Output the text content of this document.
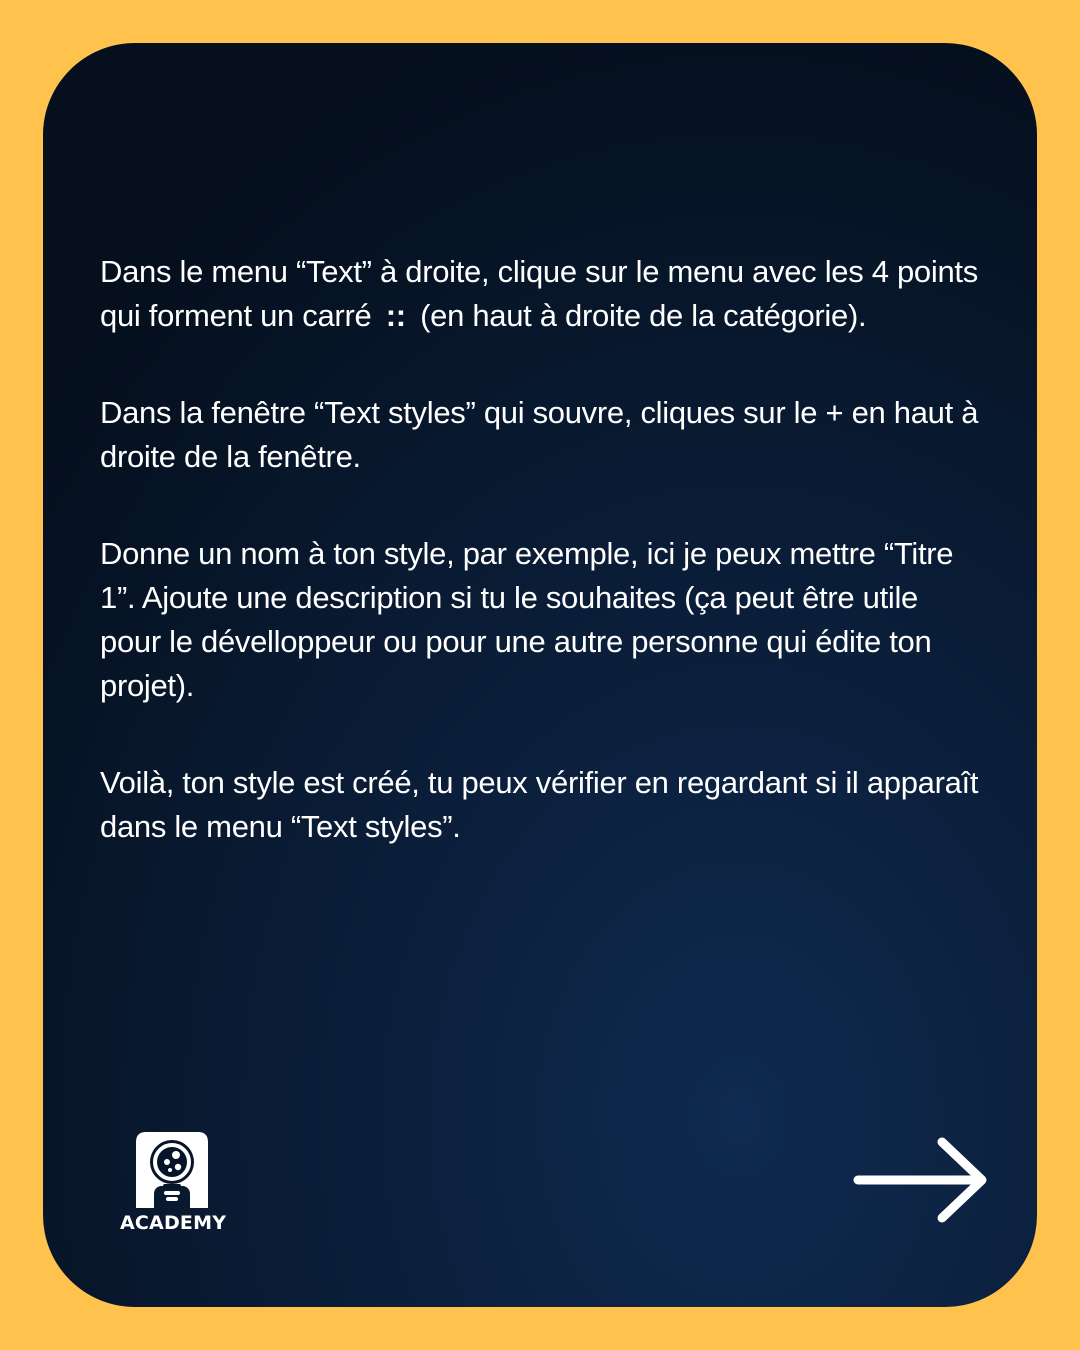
Dans le menu “Text” à droite, clique sur le menu avec les 4 points qui forment un carré :: (en haut à droite de la catégorie).

Dans la fenêtre “Text styles” qui souvre, cliques sur le + en haut à droite de la fenêtre.

Donne un nom à ton style, par exemple, ici je peux mettre “Titre 1”. Ajoute une description si tu le souhaites (ça peut être utile pour le dévelloppeur ou pour une autre personne qui édite ton projet).

Voilà, ton style est créé, tu peux vérifier en regardant si il apparaît dans le menu “Text styles”.

ACADEMY
